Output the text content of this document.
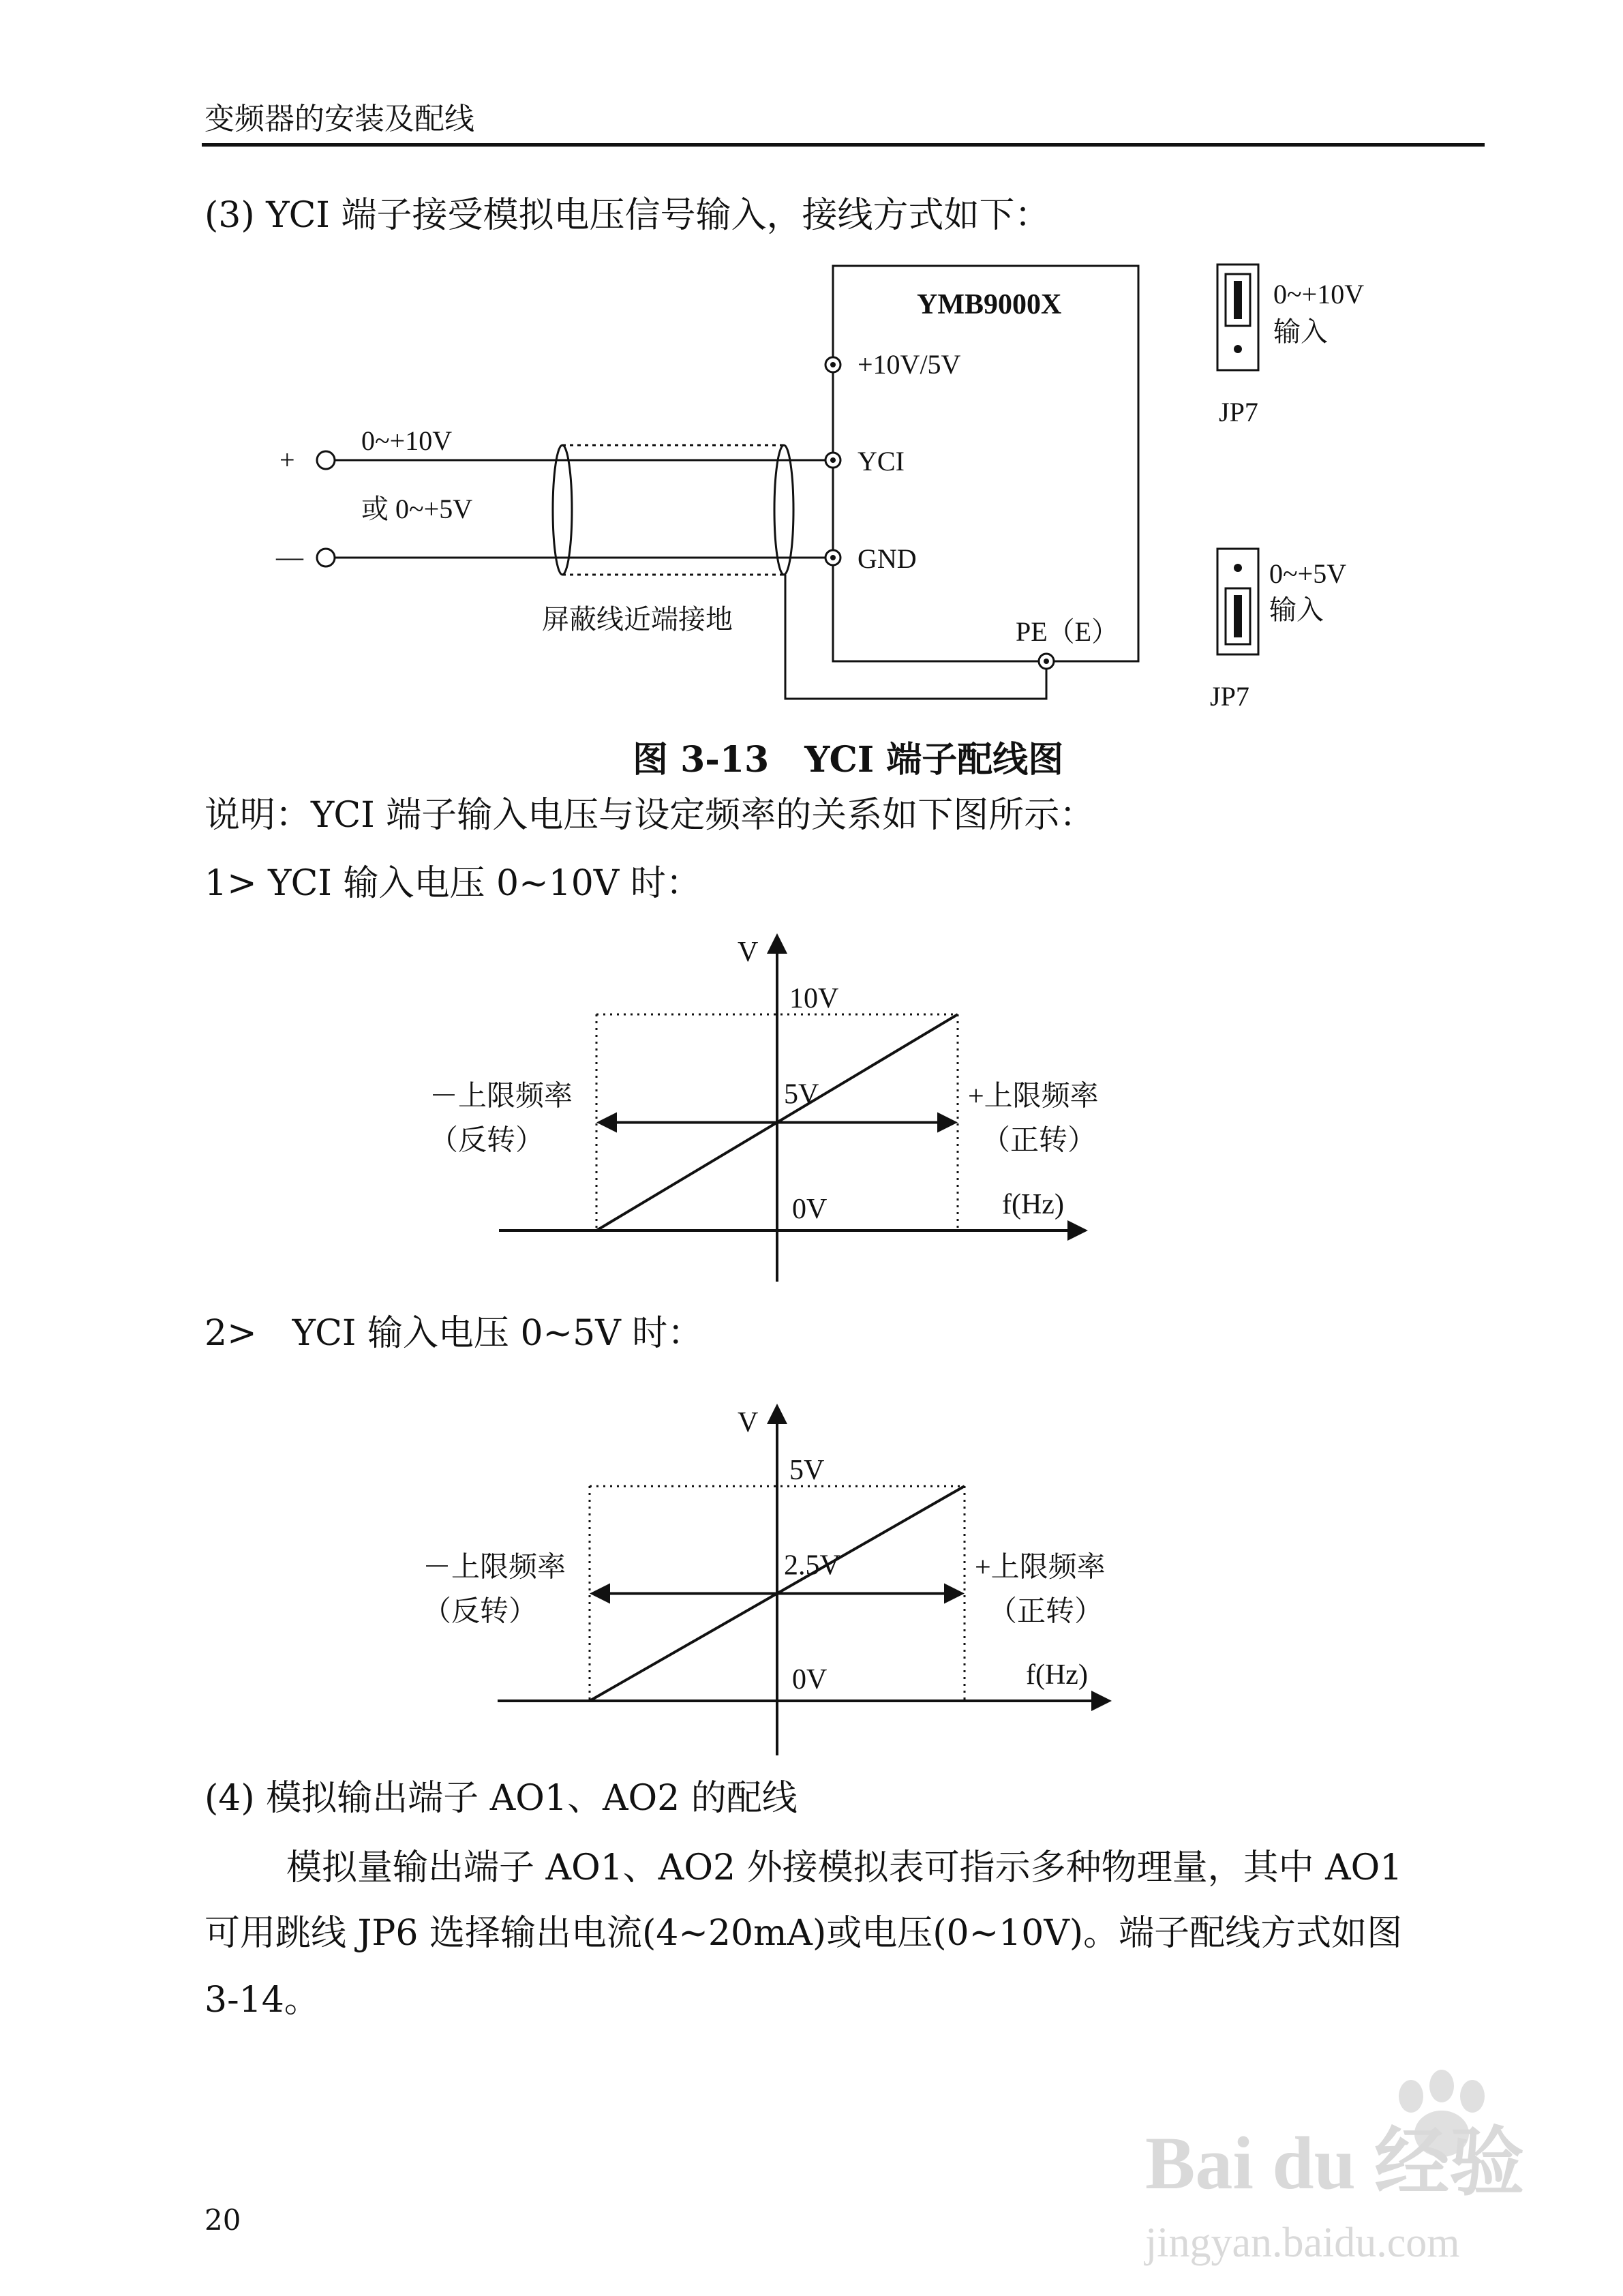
变频器的安装及配线
(3) YCI 端子接受模拟电压信号输入，接线方式如下：
YMB9000X
+10V/5V
YCI
GND
PE（E）
+
—
0~+10V
或 0~+5V
屏蔽线近端接地
0~+10V
输入
JP7
0~+5V
输入
JP7
图 3-13　YCI 端子配线图
说明：YCI 端子输入电压与设定频率的关系如下图所示：
1> YCI 输入电压 0~10V 时：
V
f(Hz)
10V
5V
0V
－上限频率
（反转）
+上限频率
（正转）
2>　YCI 输入电压 0~5V 时：
V
f(Hz)
5V
2.5V
0V
－上限频率
（反转）
+上限频率
（正转）
(4) 模拟输出端子 AO1、AO2 的配线
模拟量输出端子 AO1、AO2 外接模拟表可指示多种物理量，其中 AO1
可用跳线 JP6 选择输出电流(4~20mA)或电压(0~10V)。端子配线方式如图
3-14。
20
Bai du 经验
jingyan.baidu.com
